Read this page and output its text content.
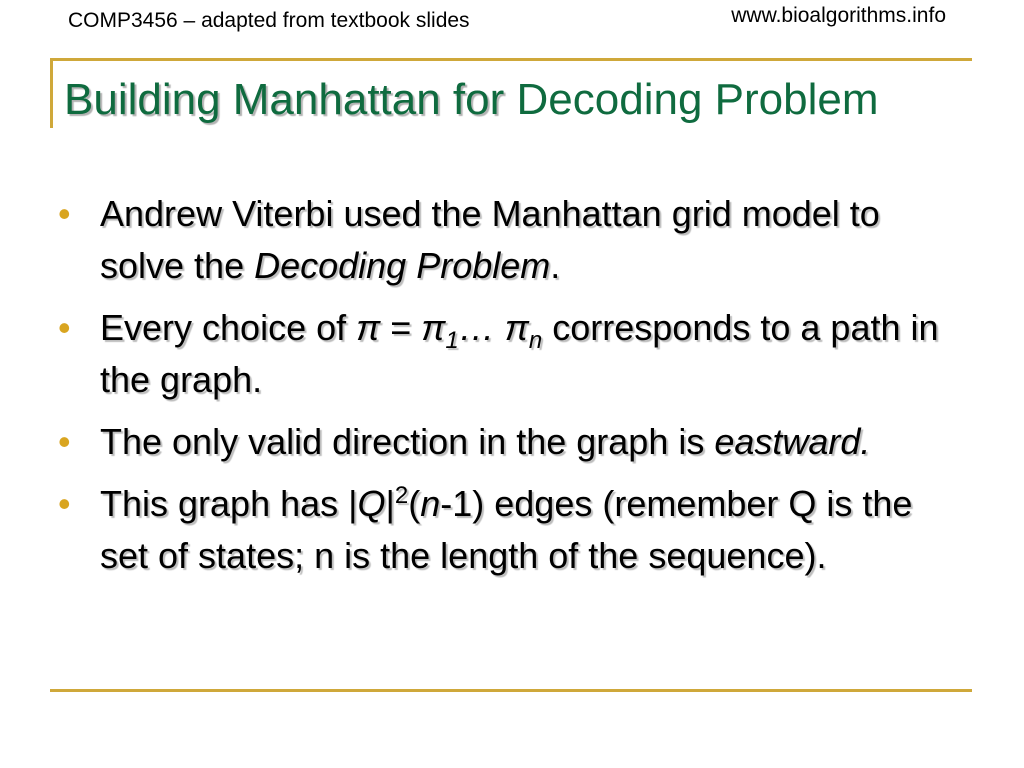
COMP3456 – adapted from textbook slides	www.bioalgorithms.info
Building Manhattan for Decoding Problem
• Andrew Viterbi used the Manhattan grid model to solve the Decoding Problem.
• Every choice of $\pi = \pi_1\dots$ $\pi_n$ corresponds to a path in the graph.
• The only valid direction in the graph is eastward.
• This graph has $|Q|^2(n-1)$ edges (remember Q is the set of states; n is the length of the sequence).
